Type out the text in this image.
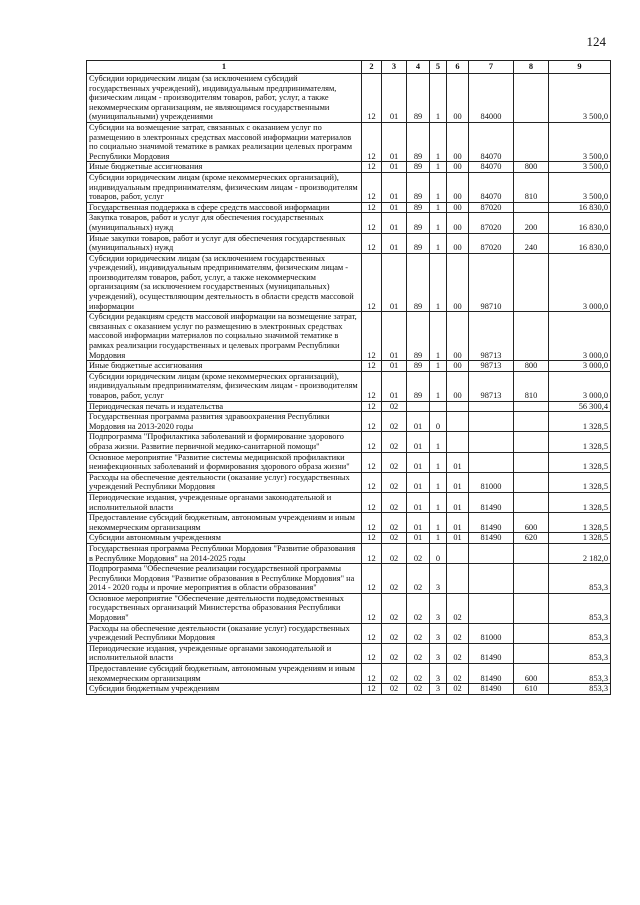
124
1	2	3	4	5	6	7	8	9
Субсидии юридическим лицам (за исключением субсидий государственных учреждений), индивидуальным предпринимателям, физическим лицам - производителям товаров, работ, услуг, а также некоммерческим организациям, не являющимся государственными (муниципальными) учреждениями	12	01	89	1	00	84000		3 500,0
Субсидии на возмещение затрат, связанных с оказанием услуг по размещению в электронных средствах массовой информации материалов по социально значимой тематике в рамках реализации целевых программ Республики Мордовия	12	01	89	1	00	84070		3 500,0
Иные бюджетные ассигнования	12	01	89	1	00	84070	800	3 500,0
Субсидии юридическим лицам (кроме некоммерческих организаций), индивидуальным предпринимателям, физическим лицам - производителям товаров, работ, услуг	12	01	89	1	00	84070	810	3 500,0
Государственная поддержка в сфере средств массовой информации	12	01	89	1	00	87020		16 830,0
Закупка товаров, работ и услуг для обеспечения государственных (муниципальных) нужд	12	01	89	1	00	87020	200	16 830,0
Иные закупки товаров, работ и услуг для обеспечения государственных (муниципальных) нужд	12	01	89	1	00	87020	240	16 830,0
Субсидии юридическим лицам (за исключением государственных учреждений), индивидуальным предпринимателям, физическим лицам - производителям товаров, работ, услуг, а также некоммерческим организациям (за исключением государственных (муниципальных) учреждений), осуществляющим деятельность в области средств массовой информации	12	01	89	1	00	98710		3 000,0
Субсидии редакциям средств массовой информации на возмещение затрат, связанных с оказанием услуг по размещению в электронных средствах массовой информации материалов по социально значимой тематике в рамках реализации государственных и целевых программ Республики Мордовия	12	01	89	1	00	98713		3 000,0
Иные бюджетные ассигнования	12	01	89	1	00	98713	800	3 000,0
Субсидии юридическим лицам (кроме некоммерческих организаций), индивидуальным предпринимателям, физическим лицам - производителям товаров, работ, услуг	12	01	89	1	00	98713	810	3 000,0
Периодическая печать и издательства	12	02						56 300,4
Государственная программа развития здравоохранения Республики Мордовия на 2013-2020 годы	12	02	01	0				1 328,5
Подпрограмма "Профилактика заболеваний и формирование здорового образа жизни. Развитие первичной медико-санитарной помощи"	12	02	01	1				1 328,5
Основное мероприятие "Развитие системы медицинской профилактики неинфекционных заболеваний и формирования здорового образа жизни"	12	02	01	1	01			1 328,5
Расходы на обеспечение деятельности (оказание услуг) государственных учреждений Республики Мордовия	12	02	01	1	01	81000		1 328,5
Периодические издания, учрежденные органами законодательной и исполнительной власти	12	02	01	1	01	81490		1 328,5
Предоставление субсидий бюджетным, автономным учреждениям и иным некоммерческим организациям	12	02	01	1	01	81490	600	1 328,5
Субсидии автономным учреждениям	12	02	01	1	01	81490	620	1 328,5
Государственная программа Республики Мордовия "Развитие образования в Республике Мордовия" на 2014-2025 годы	12	02	02	0				2 182,0
Подпрограмма "Обеспечение реализации государственной программы Республики Мордовия "Развитие образования в Республике Мордовия" на 2014 - 2020 годы и прочие мероприятия в области образования"	12	02	02	3				853,3
Основное мероприятие "Обеспечение деятельности подведомственных государственных организаций Министерства образования Республики Мордовия"	12	02	02	3	02			853,3
Расходы на обеспечение деятельности (оказание услуг) государственных учреждений Республики Мордовия	12	02	02	3	02	81000		853,3
Периодические издания, учрежденные органами законодательной и исполнительной власти	12	02	02	3	02	81490		853,3
Предоставление субсидий бюджетным, автономным учреждениям и иным некоммерческим организациям	12	02	02	3	02	81490	600	853,3
Субсидии бюджетным учреждениям	12	02	02	3	02	81490	610	853,3
